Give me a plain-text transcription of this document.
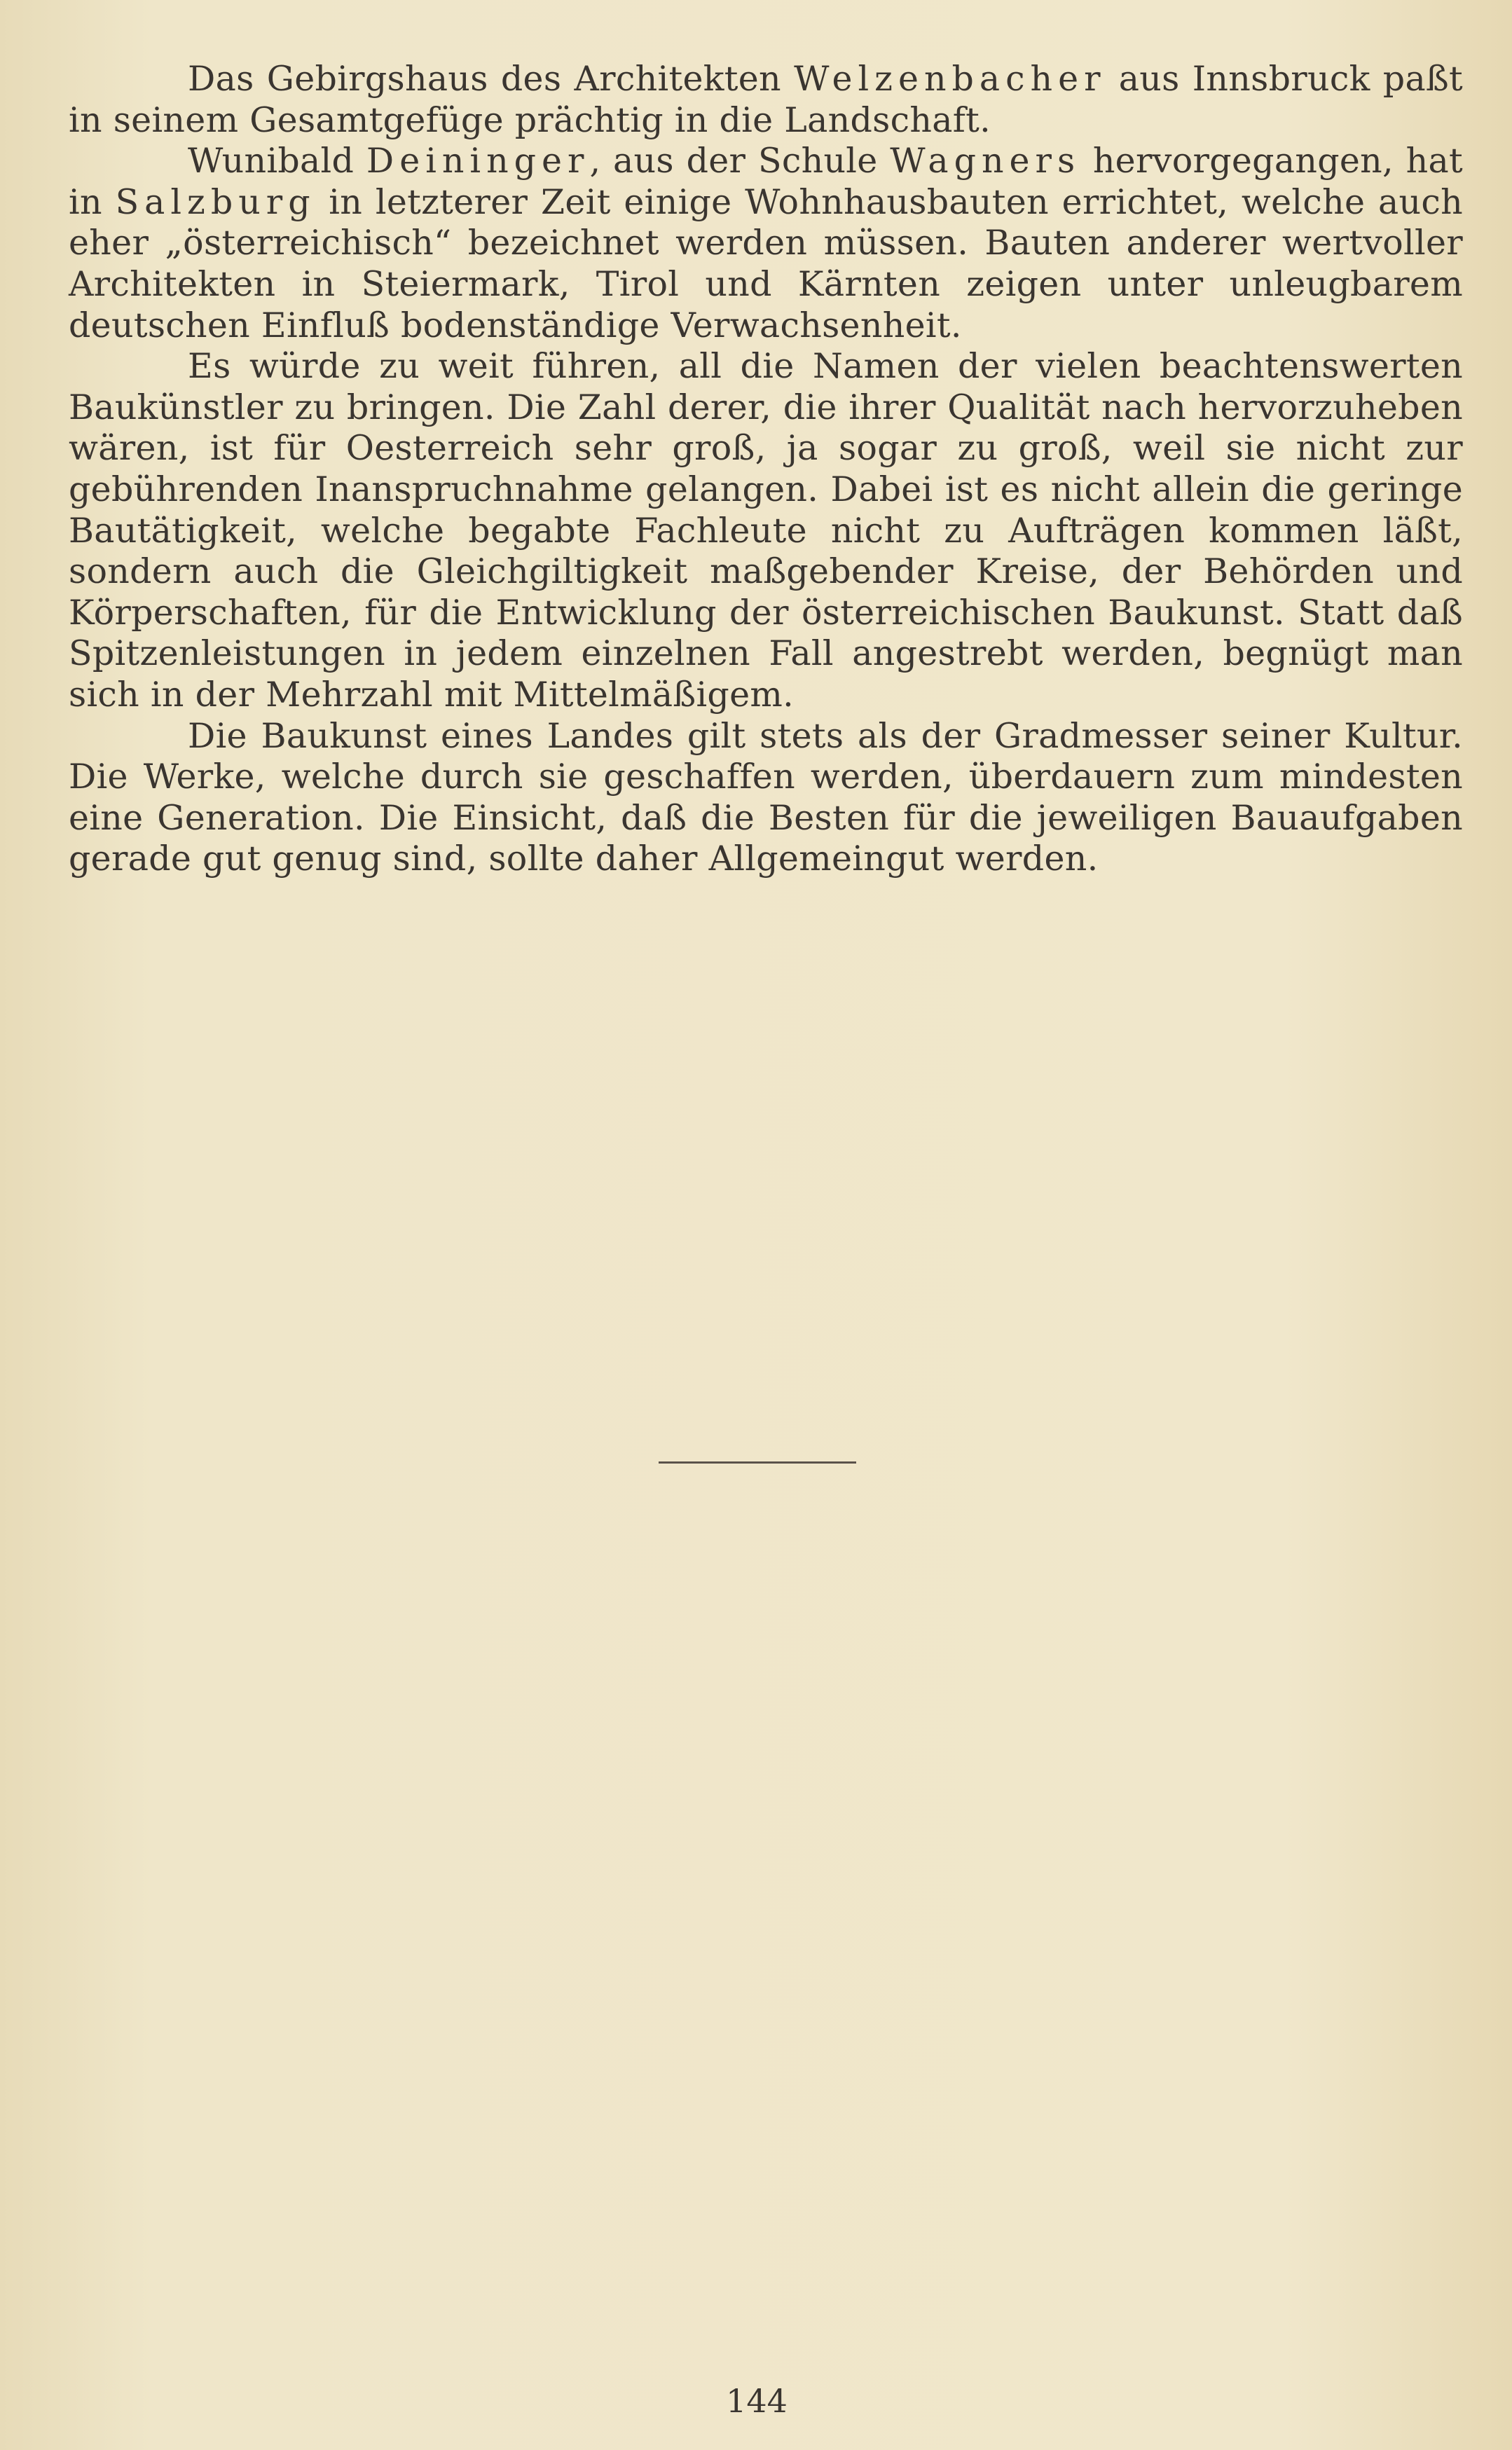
Das Gebirgshaus des Architekten Welzenbacher aus Innsbruck paßt in seinem Gesamtgefüge prächtig in die Landschaft.

Wunibald Deininger, aus der Schule Wagners hervorgegangen, hat in Salzburg in letzterer Zeit einige Wohnhausbauten errichtet, welche auch eher „österreichisch“ bezeichnet werden müssen. Bauten anderer wertvoller Architekten in Steiermark, Tirol und Kärnten zeigen unter unleugbarem deutschen Einfluß bodenständige Verwachsenheit.

Es würde zu weit führen, all die Namen der vielen beachtenswerten Baukünstler zu bringen. Die Zahl derer, die ihrer Qualität nach hervorzuheben wären, ist für Oesterreich sehr groß, ja sogar zu groß, weil sie nicht zur gebührenden Inanspruchnahme gelangen. Dabei ist es nicht allein die geringe Bautätigkeit, welche begabte Fachleute nicht zu Aufträgen kommen läßt, sondern auch die Gleichgiltigkeit maßgebender Kreise, der Behörden und Körperschaften, für die Entwicklung der österreichischen Baukunst. Statt daß Spitzenleistungen in jedem einzelnen Fall angestrebt werden, begnügt man sich in der Mehrzahl mit Mittelmäßigem.

Die Baukunst eines Landes gilt stets als der Gradmesser seiner Kultur. Die Werke, welche durch sie geschaffen werden, überdauern zum mindesten eine Generation. Die Einsicht, daß die Besten für die jeweiligen Bauaufgaben gerade gut genug sind, sollte daher Allgemeingut werden.

144
